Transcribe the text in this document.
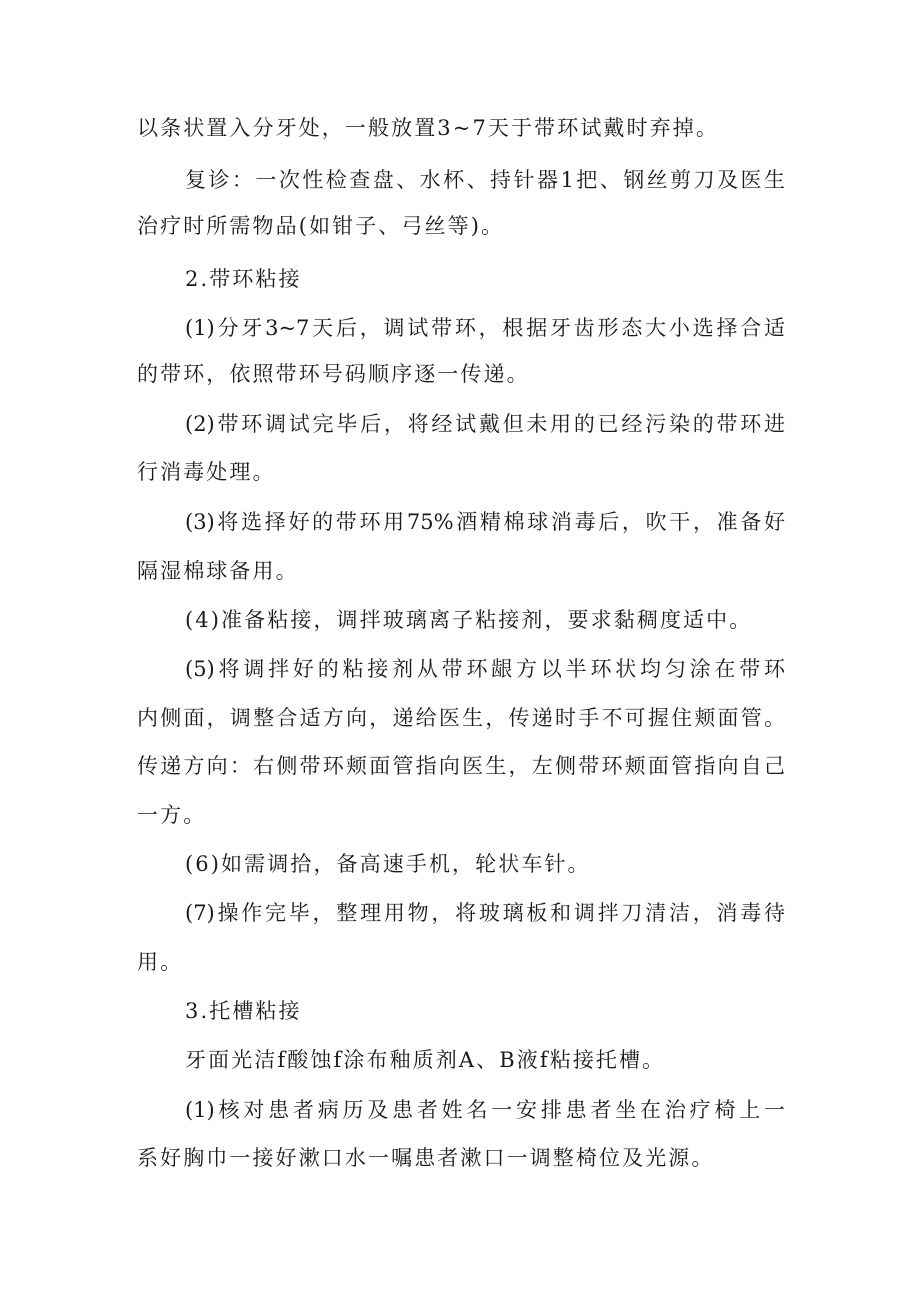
以条状置入分牙处，一般放置3~7天于带环试戴时弃掉。
复诊：一次性检查盘、水杯、持针器1把、钢丝剪刀及医生
治疗时所需物品(如钳子、弓丝等)。
2.带环粘接
(1)分牙3~7天后，调试带环，根据牙齿形态大小选择合适
的带环，依照带环号码顺序逐一传递。
(2)带环调试完毕后，将经试戴但未用的已经污染的带环进
行消毒处理。
(3)将选择好的带环用75%酒精棉球消毒后，吹干，准备好
隔湿棉球备用。
(4)准备粘接，调拌玻璃离子粘接剂，要求黏稠度适中。
(5)将调拌好的粘接剂从带环龈方以半环状均匀涂在带环
内侧面，调整合适方向，递给医生，传递时手不可握住颊面管。
传递方向：右侧带环颊面管指向医生，左侧带环颊面管指向自己
一方。
(6)如需调拾，备高速手机，轮状车针。
(7)操作完毕，整理用物，将玻璃板和调拌刀清洁，消毒待
用。
3.托槽粘接
牙面光洁f酸蚀f涂布釉质剂A、B液f粘接托槽。
(1)核对患者病历及患者姓名一安排患者坐在治疗椅上一
系好胸巾一接好漱口水一嘱患者漱口一调整椅位及光源。
